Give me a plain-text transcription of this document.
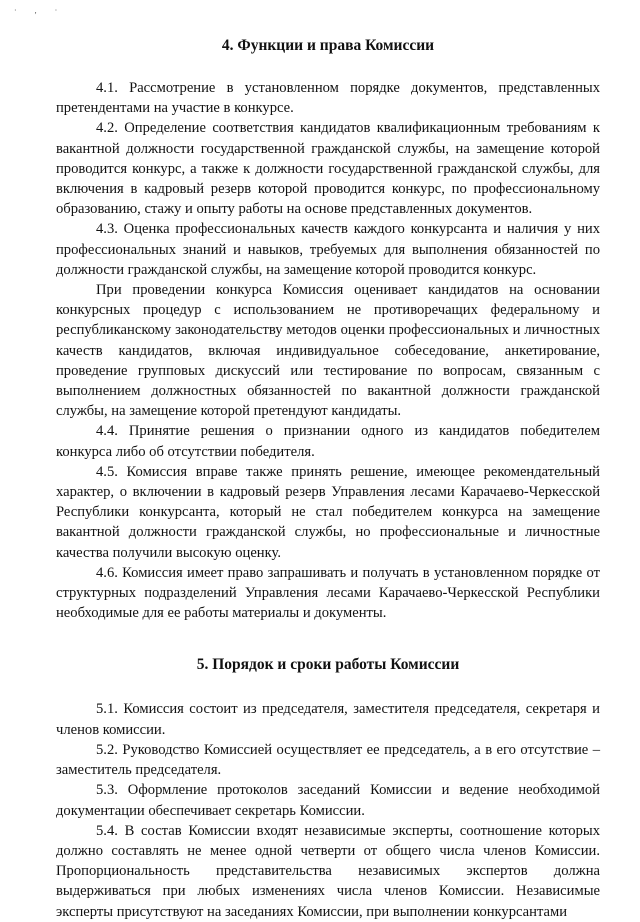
·,·
4. Функции и права Комиссии

4.1. Рассмотрение в установленном порядке документов, представленных претендентами на участие в конкурсе.

4.2. Определение соответствия кандидатов квалификационным требованиям к вакантной должности государственной гражданской службы, на замещение которой проводится конкурс, а также к должности государственной гражданской службы, для включения в кадровый резерв которой проводится конкурс, по профессиональному образованию, стажу и опыту работы на основе представленных документов.

4.3. Оценка профессиональных качеств каждого конкурсанта и наличия у них профессиональных знаний и навыков, требуемых для выполнения обязанностей по должности гражданской службы, на замещение которой проводится конкурс.

При проведении конкурса Комиссия оценивает кандидатов на основании конкурсных процедур с использованием не противоречащих федеральному и республиканскому законодательству методов оценки профессиональных и личностных качеств кандидатов, включая индивидуальное собеседование, анкетирование, проведение групповых дискуссий или тестирование по вопросам, связанным с выполнением должностных обязанностей по вакантной должности гражданской службы, на замещение которой претендуют кандидаты.

4.4. Принятие решения о признании одного из кандидатов победителем конкурса либо об отсутствии победителя.

4.5. Комиссия вправе также принять решение, имеющее рекомендательный характер, о включении в кадровый резерв Управления лесами Карачаево-Черкесской Республики конкурсанта, который не стал победителем конкурса на замещение вакантной должности гражданской службы, но профессиональные и личностные качества получили высокую оценку.

4.6. Комиссия имеет право запрашивать и получать в установленном порядке от структурных подразделений Управления лесами Карачаево-Черкесской Республики необходимые для ее работы материалы и документы.

5. Порядок и сроки работы Комиссии

5.1. Комиссия состоит из председателя, заместителя председателя, секретаря и членов комиссии.

5.2. Руководство Комиссией осуществляет ее председатель, а в его отсутствие – заместитель председателя.

5.3. Оформление протоколов заседаний Комиссии и ведение необходимой документации обеспечивает секретарь Комиссии.

5.4. В состав Комиссии входят независимые эксперты, соотношение которых должно составлять не менее одной четверти от общего числа членов Комиссии. Пропорциональность представительства независимых экспертов должна выдерживаться при любых изменениях числа членов Комиссии. Независимые эксперты присутствуют на заседаниях Комиссии, при выполнении конкурсантами
